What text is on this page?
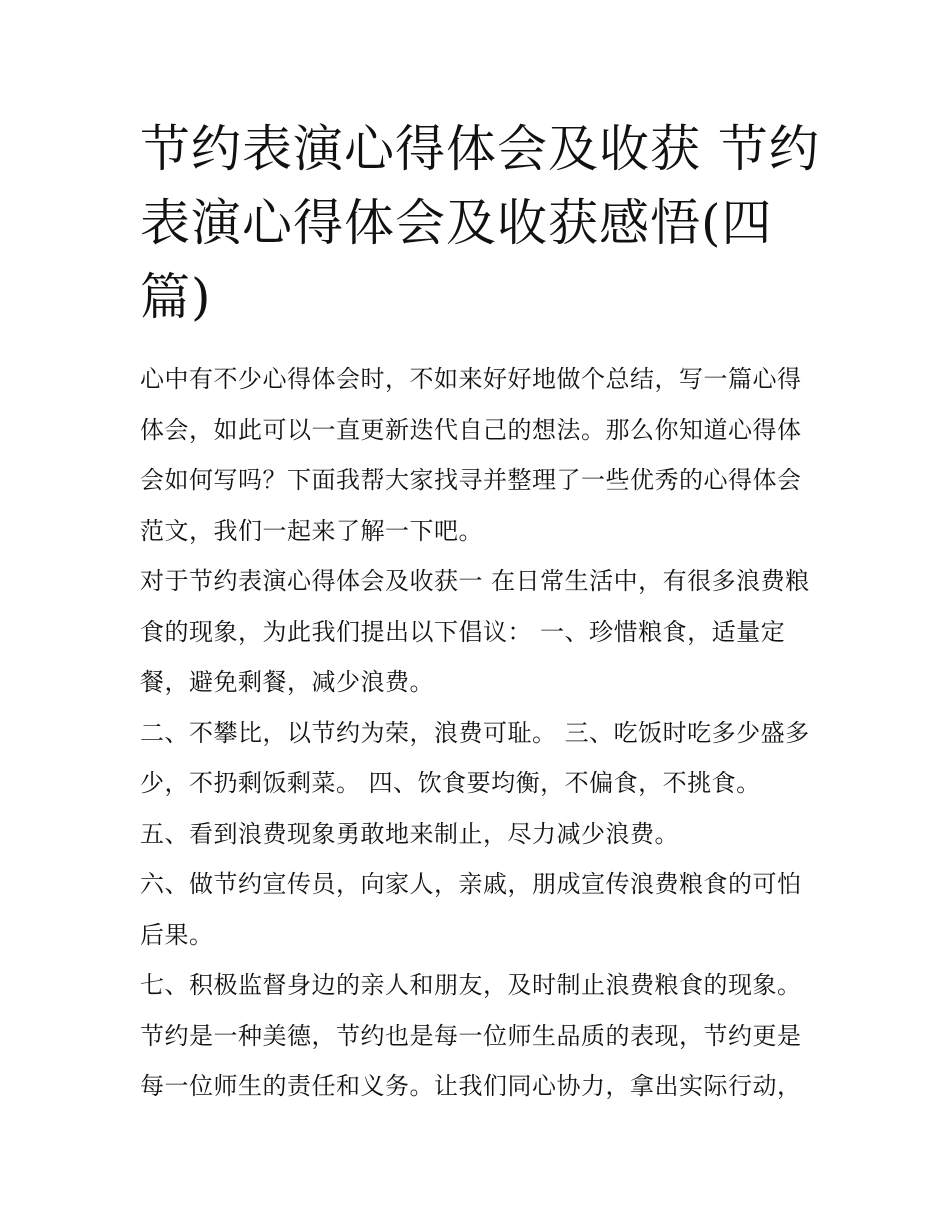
节约表演心得体会及收获 节约表演心得体会及收获感悟(四篇)

心中有不少心得体会时，不如来好好地做个总结，写一篇心得体会，如此可以一直更新迭代自己的想法。那么你知道心得体会如何写吗？下面我帮大家找寻并整理了一些优秀的心得体会范文，我们一起来了解一下吧。

对于节约表演心得体会及收获一 在日常生活中，有很多浪费粮食的现象，为此我们提出以下倡议： 一、珍惜粮食，适量定餐，避免剩餐，减少浪费。

二、不攀比，以节约为荣，浪费可耻。 三、吃饭时吃多少盛多少，不扔剩饭剩菜。 四、饮食要均衡，不偏食，不挑食。

五、看到浪费现象勇敢地来制止，尽力减少浪费。

六、做节约宣传员，向家人，亲戚，朋成宣传浪费粮食的可怕后果。

七、积极监督身边的亲人和朋友，及时制止浪费粮食的现象。

节约是一种美德，节约也是每一位师生品质的表现，节约更是每一位师生的责任和义务。让我们同心协力，拿出实际行动，
